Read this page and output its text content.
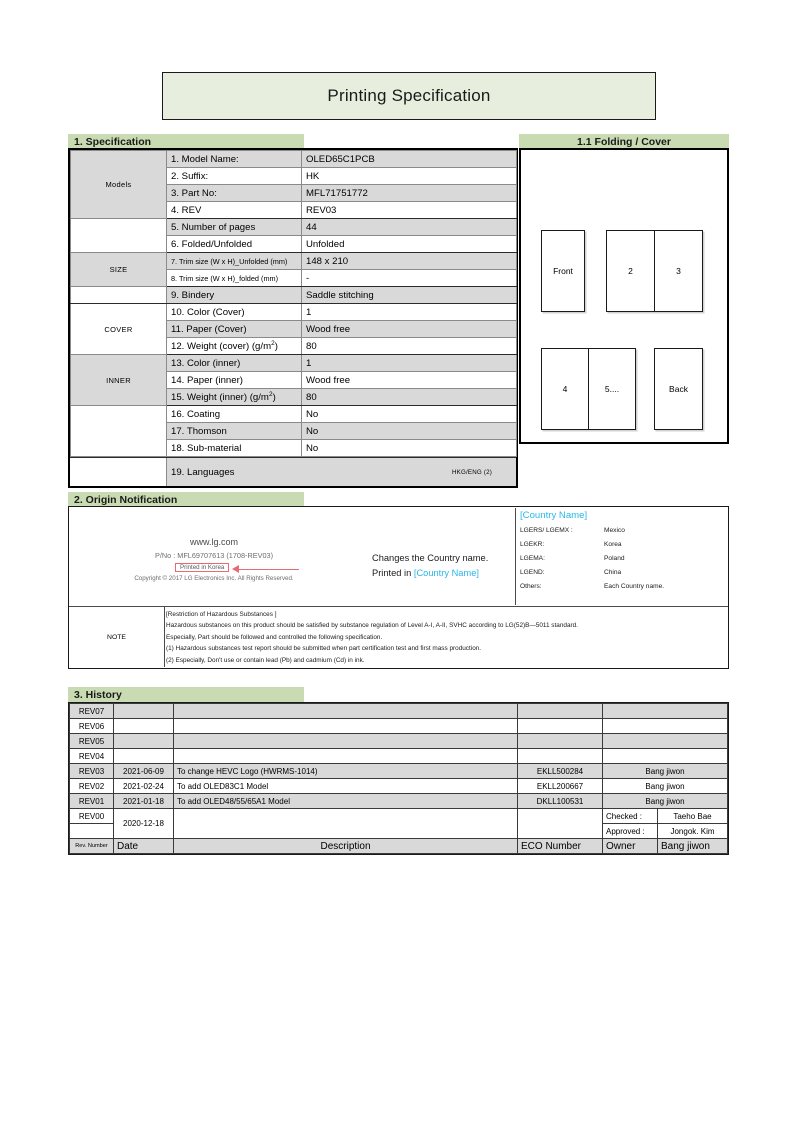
Printing Specification
1. Specification	1.1 Folding / Cover
2. Origin Notification
3. History
Models	1. Model Name:	OLED65C1PCB
	2. Suffix:	HK
	3. Part No:	MFL71751772
	4. REV	REV03
	5. Number of pages	44
	6. Folded/Unfolded	Unfolded
SIZE	7. Trim size (W x H)_Unfolded (mm)	148 x 210
	8. Trim size (W x H)_folded (mm)	-
	9. Bindery	Saddle stitching
COVER	10. Color (Cover)	1
	11. Paper (Cover)	Wood free
	12. Weight (cover) $(g/m^2)$	80
INNER	13. Color (inner)	1
	14. Paper (inner)	Wood free
	15. Weight (inner) $(g/m^2)$	80
	16. Coating	No
	17. Thomson	No
	18. Sub-material	No
19. Languages	HKG/ENG (2)
Front	2	3
4	5....	Back
www.lg.com
P/No : MFL69707613 (1708-REV03)
Printed in Korea
Copyright © 2017 LG Electronics Inc. All Rights Reserved.
Changes the Country name.
Printed in [Country Name]
[Country Name]
LGERS/ LGEMX :	Mexico
LGEKR:	Korea
LGEMA:	Poland
LGEND:	China
Others:	Each Country name.
NOTE
[Restriction of Hazardous Substances ]
Hazardous substances on this product should be satisfied by substance regulation of Level A-I, A-II, SVHC according to LG(52)B—5011 standard.
Especially, Part should be followed and controlled the following specification.
(1) Hazardous substances test report should be submitted when part certification test and first mass production.
(2) Especially, Don't use or contain lead (Pb) and cadmium (Cd) in ink.
REV07					
REV06					
REV05					
REV04					
REV03	2021-06-09	To change HEVC Logo (HWRMS-1014)	EKLL500284	Bang jiwon	
REV02	2021-02-24	To add OLED83C1 Model	EKLL200667	Bang jiwon	
REV01	2021-01-18	To add OLED48/55/65A1 Model	DKLL100531	Bang jiwon	
REV00	2020-12-18			Checked :	Taeho Bae
				Approved :	Jongok. Kim
Rev. Number	Date	Description	ECO Number	Owner	Bang jiwon
